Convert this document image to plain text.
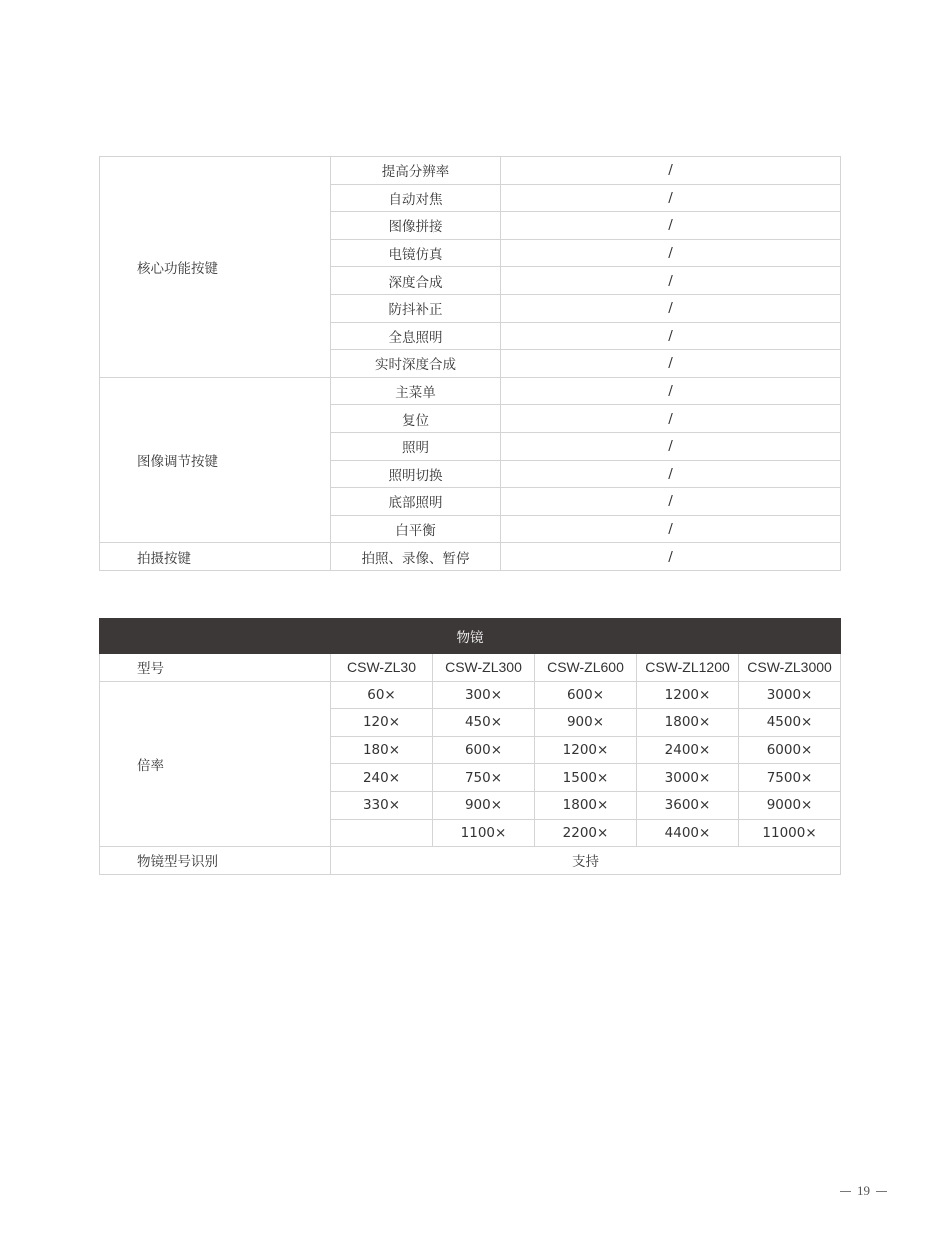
核心功能按键	提高分辨率	/
	自动对焦	/
	图像拼接	/
	电镜仿真	/
	深度合成	/
	防抖补正	/
	全息照明	/
	实时深度合成	/
图像调节按键	主菜单	/
	复位	/
	照明	/
	照明切换	/
	底部照明	/
	白平衡	/
拍摄按键	拍照、录像、暂停	/
物镜					
型号	CSW-ZL30	CSW-ZL300	CSW-ZL600	CSW-ZL1200	CSW-ZL3000
倍率	60×	300×	600×	1200×	3000×
	120×	450×	900×	1800×	4500×
	180×	600×	1200×	2400×	6000×
	240×	750×	1500×	3000×	7500×
	330×	900×	1800×	3600×	9000×
		1100×	2200×	4400×	11000×
物镜型号识别	支持				
19
